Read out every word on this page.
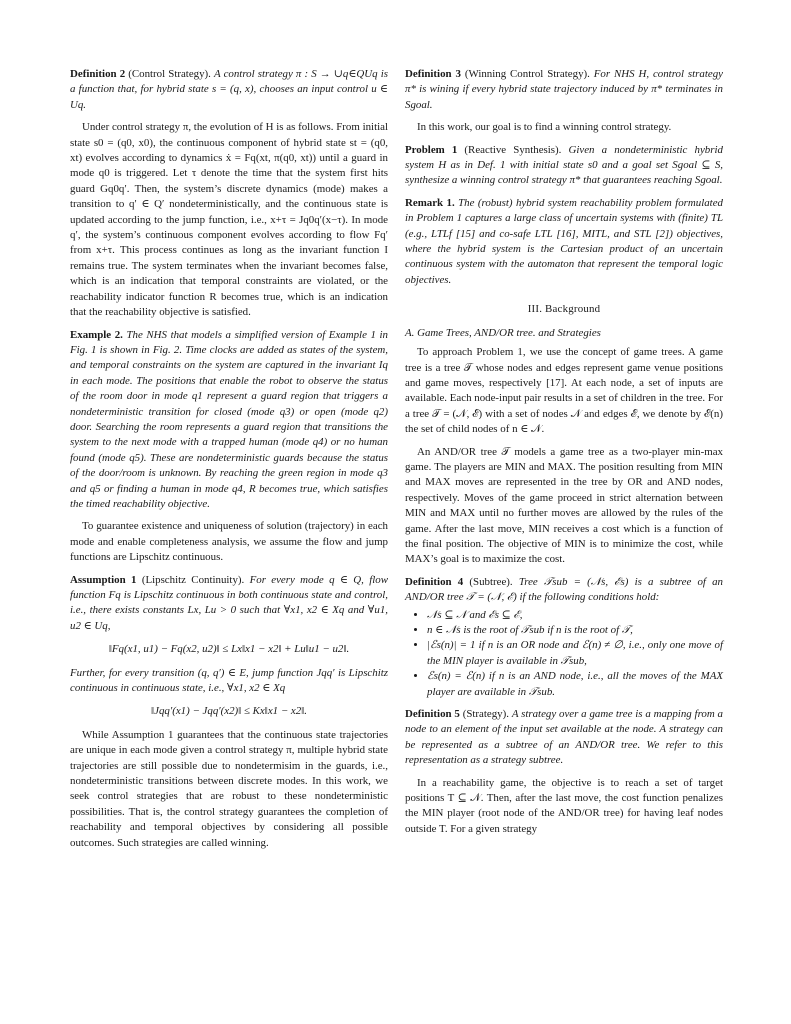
Definition 2 (Control Strategy). A control strategy π : S → ∪q∈QUq is a function that, for hybrid state s = (q, x), chooses an input control u ∈ Uq.

Under control strategy π, the evolution of H is as follows. From initial state s0 = (q0, x0), the continuous component of hybrid state st = (q0, xt) evolves according to dynamics ẋ = Fq(xt, π(q0, xt)) until a guard in mode q0 is triggered. Let τ denote the time that the system first hits guard Gq0q′. Then, the system’s discrete dynamics (mode) makes a transition to q′ ∈ Q′ nondeterministically, and the continuous state is updated according to the jump function, i.e., x+τ = Jq0q′(x−τ). In mode q′, the system’s continuous component evolves according to flow Fq′ from x+τ. This process continues as long as the invariant function I remains true. The system terminates when the invariant becomes false, which is an indication that temporal constraints are violated, or the reachability indicator function R becomes true, which is an indication that the reachability objective is satisfied.

Example 2. The NHS that models a simplified version of Example 1 in Fig. 1 is shown in Fig. 2. Time clocks are added as states of the system, and temporal constraints on the system are captured in the invariant Iq in each mode. The positions that enable the robot to observe the status of the room door in mode q1 represent a guard region that triggers a nondeterministic transition for closed (mode q3) or open (mode q2) door. Searching the room represents a guard region that transitions the system to the next mode with a trapped human (mode q4) or no human found (mode q5). These are nondeterministic guards because the status of the door/room is unknown. By reaching the green region in mode q3 and q5 or finding a human in mode q4, R becomes true, which satisfies the timed reachability objective.

To guarantee existence and uniqueness of solution (trajectory) in each mode and enable completeness analysis, we assume the flow and jump functions are Lipschitz continuous.

Assumption 1 (Lipschitz Continuity). For every mode q ∈ Q, flow function Fq is Lipschitz continuous in both continuous state and control, i.e., there exists constants Lx, Lu > 0 such that ∀x1, x2 ∈ Xq and ∀u1, u2 ∈ Uq,

‖Fq(x1, u1) − Fq(x2, u2)‖ ≤ Lx‖x1 − x2‖ + Lu‖u1 − u2‖.

Further, for every transition (q, q′) ∈ E, jump function Jqq′ is Lipschitz continuous in continuous state, i.e., ∀x1, x2 ∈ Xq

‖Jqq′(x1) − Jqq′(x2)‖ ≤ Kx‖x1 − x2‖.

While Assumption 1 guarantees that the continuous state trajectories are unique in each mode given a control strategy π, multiple hybrid state trajectories are still possible due to nondetermisim in the guards, i.e., nondeterministic transitions between discrete modes. In this work, we seek control strategies that are robust to these nondeterministic possibilities. That is, the control strategy guarantees the completion of reachability and temporal objectives by considering all possible outcomes. Such strategies are called winning.

Definition 3 (Winning Control Strategy). For NHS H, control strategy π* is wining if every hybrid state trajectory induced by π* terminates in Sgoal.

In this work, our goal is to find a winning control strategy.

Problem 1 (Reactive Synthesis). Given a nondeterministic hybrid system H as in Def. 1 with initial state s0 and a goal set Sgoal ⊆ S, synthesize a winning control strategy π* that guarantees reaching Sgoal.

Remark 1. The (robust) hybrid system reachability problem formulated in Problem 1 captures a large class of uncertain systems with (finite) TL (e.g., LTLf [15] and co-safe LTL [16], MITL, and STL [2]) objectives, where the hybrid system is the Cartesian product of an uncertain continuous system with the automaton that represent the temporal logic objectives.

III. Background
A. Game Trees, AND/OR tree. and Strategies

To approach Problem 1, we use the concept of game trees. A game tree is a tree 𝒯 whose nodes and edges represent game venue positions and game moves, respectively [17]. At each node, a set of inputs are available. Each node-input pair results in a set of children in the tree. For a tree 𝒯 = (𝒩, ℰ) with a set of nodes 𝒩 and edges ℰ, we denote by ℰ(n) the set of child nodes of n ∈ 𝒩.

An AND/OR tree 𝒯 models a game tree as a two-player min-max game. The players are MIN and MAX. The position resulting from MIN and MAX moves are represented in the tree by OR and AND nodes, respectively. Moves of the game proceed in strict alternation between MIN and MAX until no further moves are allowed by the rules of the game. After the last move, MIN receives a cost which is a function of the final position. The objective of MIN is to minimize the cost, while MAX’s goal is to maximize the cost.

Definition 4 (Subtree). Tree 𝒯sub = (𝒩s, ℰs) is a subtree of an AND/OR tree 𝒯 = (𝒩, ℰ) if the following conditions hold:

• 𝒩s ⊆ 𝒩 and ℰs ⊆ ℰ,
• n ∈ 𝒩s is the root of 𝒯sub if n is the root of 𝒯,
• |ℰs(n)| = 1 if n is an OR node and ℰ(n) ≠ ∅, i.e., only one move of the MIN player is available in 𝒯sub,
• ℰs(n) = ℰ(n) if n is an AND node, i.e., all the moves of the MAX player are available in 𝒯sub.

Definition 5 (Strategy). A strategy over a game tree is a mapping from a node to an element of the input set available at the node. A strategy can be represented as a subtree of an AND/OR tree. We refer to this representation as a strategy subtree.

In a reachability game, the objective is to reach a set of target positions T ⊆ 𝒩. Then, after the last move, the cost function penalizes the MIN player (root node of the AND/OR tree) for having leaf nodes outside T. For a given strategy
